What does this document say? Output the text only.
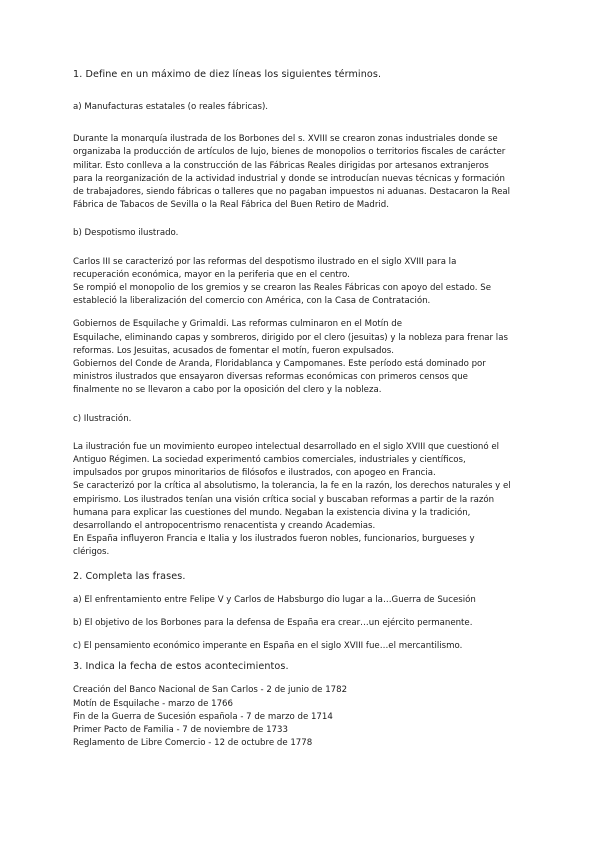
1. Define en un máximo de diez líneas los siguientes términos.

a) Manufacturas estatales (o reales fábricas).

Durante la monarquía ilustrada de los Borbones del s. XVIII se crearon zonas industriales donde se
organizaba la producción de artículos de lujo, bienes de monopolios o territorios fiscales de carácter
militar. Esto conlleva a la construcción de las Fábricas Reales dirigidas por artesanos extranjeros
para la reorganización de la actividad industrial y donde se introducían nuevas técnicas y formación
de trabajadores, siendo fábricas o talleres que no pagaban impuestos ni aduanas. Destacaron la Real
Fábrica de Tabacos de Sevilla o la Real Fábrica del Buen Retiro de Madrid.

b) Despotismo ilustrado.

Carlos III se caracterizó por las reformas del despotismo ilustrado en el siglo XVIII para la
recuperación económica, mayor en la periferia que en el centro.
Se rompió el monopolio de los gremios y se crearon las Reales Fábricas con apoyo del estado. Se
estableció la liberalización del comercio con América, con la Casa de Contratación.

Gobiernos de Esquilache y Grimaldi. Las reformas culminaron en el Motín de
Esquilache, eliminando capas y sombreros, dirigido por el clero (jesuitas) y la nobleza para frenar las
reformas. Los Jesuitas, acusados de fomentar el motín, fueron expulsados.
Gobiernos del Conde de Aranda, Floridablanca y Campomanes. Este período está dominado por
ministros ilustrados que ensayaron diversas reformas económicas con primeros censos que
finalmente no se llevaron a cabo por la oposición del clero y la nobleza.

c) Ilustración.

La ilustración fue un movimiento europeo intelectual desarrollado en el siglo XVIII que cuestionó el
Antiguo Régimen. La sociedad experimentó cambios comerciales, industriales y científicos,
impulsados por grupos minoritarios de filósofos e ilustrados, con apogeo en Francia.
Se caracterizó por la crítica al absolutismo, la tolerancia, la fe en la razón, los derechos naturales y el
empirismo. Los ilustrados tenían una visión crítica social y buscaban reformas a partir de la razón
humana para explicar las cuestiones del mundo. Negaban la existencia divina y la tradición,
desarrollando el antropocentrismo renacentista y creando Academias.
En España influyeron Francia e Italia y los ilustrados fueron nobles, funcionarios, burgueses y
clérigos.

2. Completa las frases.

a) El enfrentamiento entre Felipe V y Carlos de Habsburgo dio lugar a la…Guerra de Sucesión

b) El objetivo de los Borbones para la defensa de España era crear…un ejército permanente.

c) El pensamiento económico imperante en España en el siglo XVIII fue…el mercantilismo.

3. Indica la fecha de estos acontecimientos.
Creación del Banco Nacional de San Carlos - 2 de junio de 1782
Motín de Esquilache - marzo de 1766
Fin de la Guerra de Sucesión española - 7 de marzo de 1714
Primer Pacto de Familia - 7 de noviembre de 1733
Reglamento de Libre Comercio - 12 de octubre de 1778
